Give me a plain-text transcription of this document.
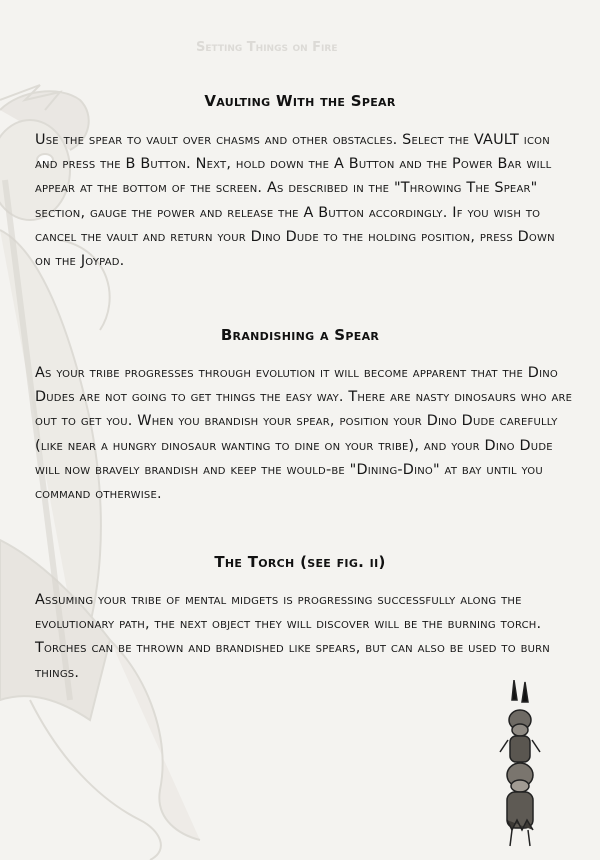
Setting Things on Fire
Vaulting With the Spear
Use the spear to vault over chasms and other obstacles. Select the VAULT icon and press the B Button. Next, hold down the A Button and the Power Bar will appear at the bottom of the screen. As described in the "Throwing The Spear" section, gauge the power and release the A Button accordingly. If you wish to cancel the vault and return your Dino Dude to the holding position, press Down on the Joypad.
Brandishing a Spear
As your tribe progresses through evolution it will become apparent that the Dino Dudes are not going to get things the easy way. There are nasty dinosaurs who are out to get you. When you brandish your spear, position your Dino Dude carefully (like near a hungry dinosaur wanting to dine on your tribe), and your Dino Dude will now bravely brandish and keep the would-be "Dining-Dino" at bay until you command otherwise.
The Torch (see fig. ii)
Assuming your tribe of mental midgets is progressing successfully along the evolutionary path, the next object they will discover will be the burning torch. Torches can be thrown and brandished like spears, but can also be used to burn things.
